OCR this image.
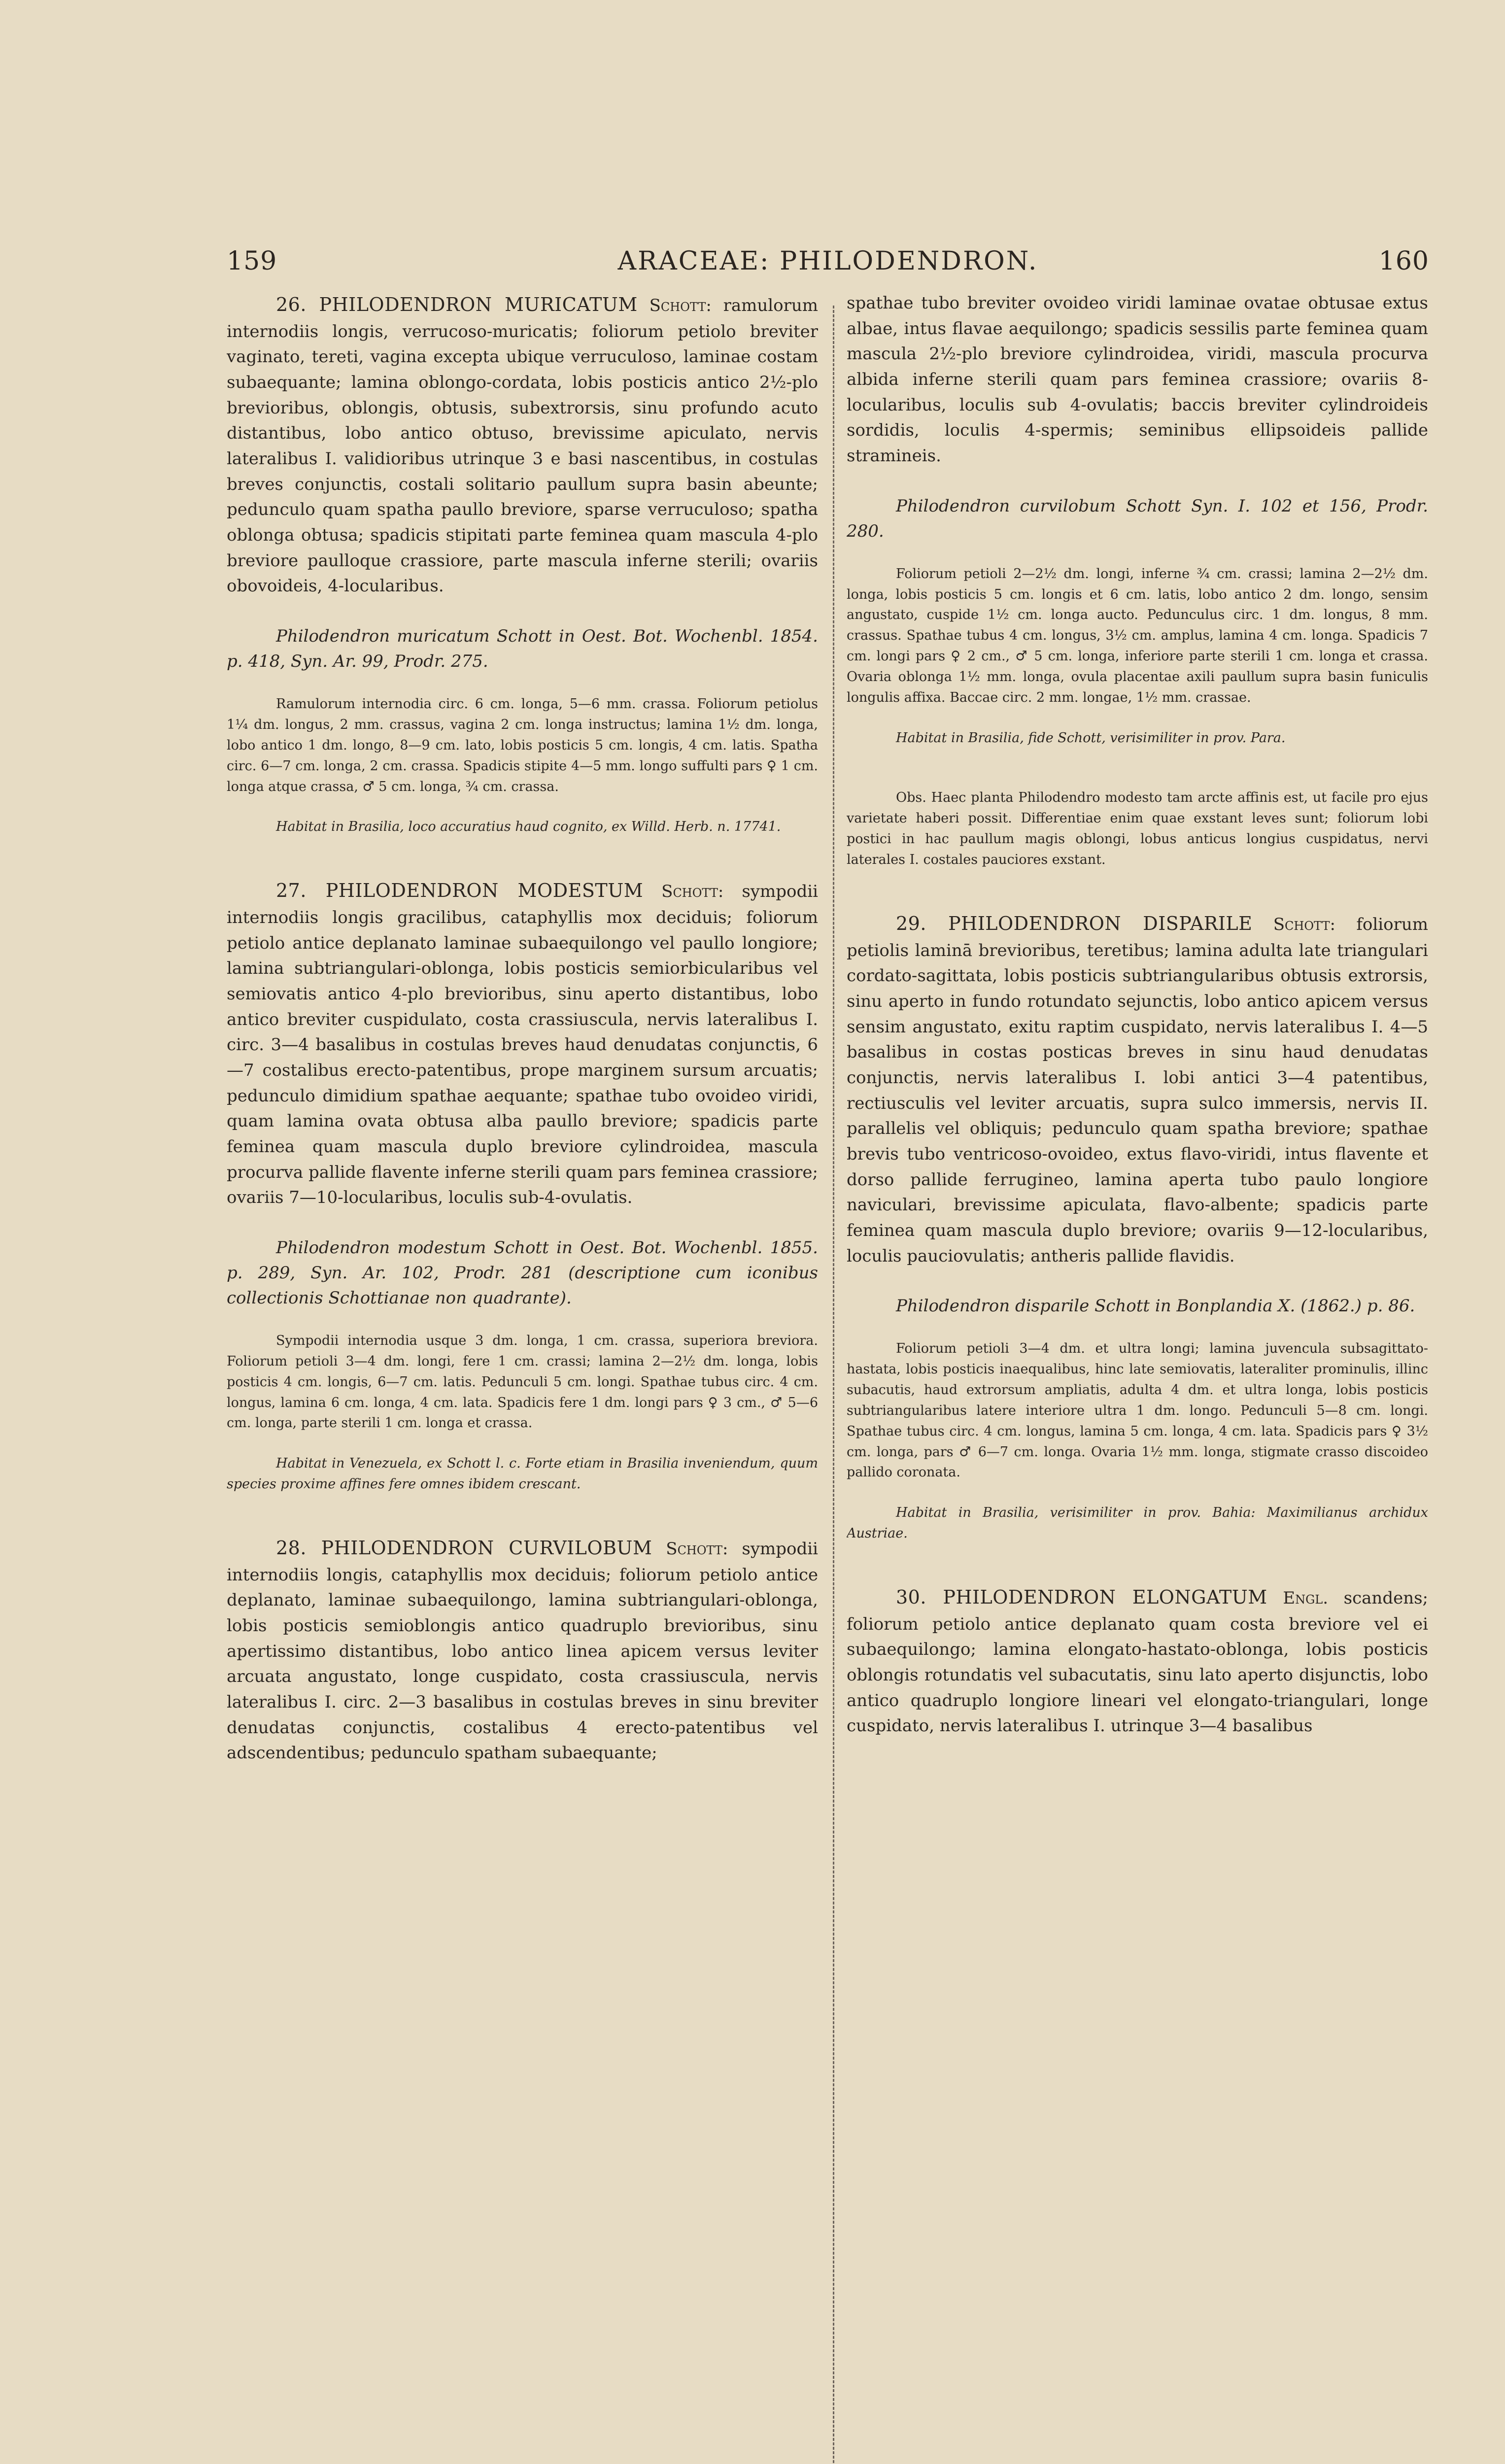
159	ARACEAE: PHILODENDRON.	160

26. PHILODENDRON MURICATUM Schott: ramulorum internodiis longis, verrucoso-muricatis; foliorum petiolo breviter vaginato, tereti, vagina excepta ubique verruculoso, laminae costam subaequante; lamina oblongo-cordata, lobis posticis antico 2½-plo brevioribus, oblongis, obtusis, subextrorsis, sinu profundo acuto distantibus, lobo antico obtuso, brevissime apiculato, nervis lateralibus I. validioribus utrinque 3 e basi nascentibus, in costulas breves conjunctis, costali solitario paullum supra basin abeunte; pedunculo quam spatha paullo breviore, sparse verruculoso; spatha oblonga obtusa; spadicis stipitati parte feminea quam mascula 4-plo breviore paulloque crassiore, parte mascula inferne sterili; ovariis obovoideis, 4-locularibus.

Philodendron muricatum Schott in Oest. Bot. Wochenbl. 1854. p. 418, Syn. Ar. 99, Prodr. 275.

Ramulorum internodia circ. 6 cm. longa, 5—6 mm. crassa. Foliorum petiolus 1¼ dm. longus, 2 mm. crassus, vagina 2 cm. longa instructus; lamina 1½ dm. longa, lobo antico 1 dm. longo, 8—9 cm. lato, lobis posticis 5 cm. longis, 4 cm. latis. Spatha circ. 6—7 cm. longa, 2 cm. crassa. Spadicis stipite 4—5 mm. longo suffulti pars ♀ 1 cm. longa atque crassa, ♂ 5 cm. longa, ¾ cm. crassa.

Habitat in Brasilia, loco accuratius haud cognito, ex Willd. Herb. n. 17741.

27. PHILODENDRON MODESTUM Schott: sympodii internodiis longis gracilibus, cataphyllis mox deciduis; foliorum petiolo antice deplanato laminae subaequilongo vel paullo longiore; lamina subtriangulari-oblonga, lobis posticis semiorbicularibus vel semiovatis antico 4-plo brevioribus, sinu aperto distantibus, lobo antico breviter cuspidulato, costa crassiuscula, nervis lateralibus I. circ. 3—4 basalibus in costulas breves haud denudatas conjunctis, 6—7 costalibus erecto-patentibus, prope marginem sursum arcuatis; pedunculo dimidium spathae aequante; spathae tubo ovoideo viridi, quam lamina ovata obtusa alba paullo breviore; spadicis parte feminea quam mascula duplo breviore cylindroidea, mascula procurva pallide flavente inferne sterili quam pars feminea crassiore; ovariis 7—10-locularibus, loculis sub-4-ovulatis.

Philodendron modestum Schott in Oest. Bot. Wochenbl. 1855. p. 289, Syn. Ar. 102, Prodr. 281 (descriptione cum iconibus collectionis Schottianae non quadrante).

Sympodii internodia usque 3 dm. longa, 1 cm. crassa, superiora breviora. Foliorum petioli 3—4 dm. longi, fere 1 cm. crassi; lamina 2—2½ dm. longa, lobis posticis 4 cm. longis, 6—7 cm. latis. Pedunculi 5 cm. longi. Spathae tubus circ. 4 cm. longus, lamina 6 cm. longa, 4 cm. lata. Spadicis fere 1 dm. longi pars ♀ 3 cm., ♂ 5—6 cm. longa, parte sterili 1 cm. longa et crassa.

Habitat in Venezuela, ex Schott l. c. Forte etiam in Brasilia inveniendum, quum species proxime affines fere omnes ibidem crescant.

28. PHILODENDRON CURVILOBUM Schott: sympodii internodiis longis, cataphyllis mox deciduis; foliorum petiolo antice deplanato, laminae subaequilongo, lamina subtriangulari-oblonga, lobis posticis semioblongis antico quadruplo brevioribus, sinu apertissimo distantibus, lobo antico linea apicem versus leviter arcuata angustato, longe cuspidato, costa crassiuscula, nervis lateralibus I. circ. 2—3 basalibus in costulas breves in sinu breviter denudatas conjunctis, costalibus 4 erecto-patentibus vel adscendentibus; pedunculo spatham subaequante;

spathae tubo breviter ovoideo viridi laminae ovatae obtusae extus albae, intus flavae aequilongo; spadicis sessilis parte feminea quam mascula 2½-plo breviore cylindroidea, viridi, mascula procurva albida inferne sterili quam pars feminea crassiore; ovariis 8-locularibus, loculis sub 4-ovulatis; baccis breviter cylindroideis sordidis, loculis 4-spermis; seminibus ellipsoideis pallide stramineis.

Philodendron curvilobum Schott Syn. I. 102 et 156, Prodr. 280.

Foliorum petioli 2—2½ dm. longi, inferne ¾ cm. crassi; lamina 2—2½ dm. longa, lobis posticis 5 cm. longis et 6 cm. latis, lobo antico 2 dm. longo, sensim angustato, cuspide 1½ cm. longa aucto. Pedunculus circ. 1 dm. longus, 8 mm. crassus. Spathae tubus 4 cm. longus, 3½ cm. amplus, lamina 4 cm. longa. Spadicis 7 cm. longi pars ♀ 2 cm., ♂ 5 cm. longa, inferiore parte sterili 1 cm. longa et crassa. Ovaria oblonga 1½ mm. longa, ovula placentae axili paullum supra basin funiculis longulis affixa. Baccae circ. 2 mm. longae, 1½ mm. crassae.

Habitat in Brasilia, fide Schott, verisimiliter in prov. Para.

Obs. Haec planta Philodendro modesto tam arcte affinis est, ut facile pro ejus varietate haberi possit. Differentiae enim quae exstant leves sunt; foliorum lobi postici in hac paullum magis oblongi, lobus anticus longius cuspidatus, nervi laterales I. costales pauciores exstant.

29. PHILODENDRON DISPARILE Schott: foliorum petiolis laminā brevioribus, teretibus; lamina adulta late triangulari cordato-sagittata, lobis posticis subtriangularibus obtusis extrorsis, sinu aperto in fundo rotundato sejunctis, lobo antico apicem versus sensim angustato, exitu raptim cuspidato, nervis lateralibus I. 4—5 basalibus in costas posticas breves in sinu haud denudatas conjunctis, nervis lateralibus I. lobi antici 3—4 patentibus, rectiusculis vel leviter arcuatis, supra sulco immersis, nervis II. parallelis vel obliquis; pedunculo quam spatha breviore; spathae brevis tubo ventricoso-ovoideo, extus flavo-viridi, intus flavente et dorso pallide ferrugineo, lamina aperta tubo paulo longiore naviculari, brevissime apiculata, flavo-albente; spadicis parte feminea quam mascula duplo breviore; ovariis 9—12-locularibus, loculis pauciovulatis; antheris pallide flavidis.

Philodendron disparile Schott in Bonplandia X. (1862.) p. 86.

Foliorum petioli 3—4 dm. et ultra longi; lamina juvencula subsagittato-hastata, lobis posticis inaequalibus, hinc late semiovatis, lateraliter prominulis, illinc subacutis, haud extrorsum ampliatis, adulta 4 dm. et ultra longa, lobis posticis subtriangularibus latere interiore ultra 1 dm. longo. Pedunculi 5—8 cm. longi. Spathae tubus circ. 4 cm. longus, lamina 5 cm. longa, 4 cm. lata. Spadicis pars ♀ 3½ cm. longa, pars ♂ 6—7 cm. longa. Ovaria 1½ mm. longa, stigmate crasso discoideo pallido coronata.

Habitat in Brasilia, verisimiliter in prov. Bahia: Maximilianus archidux Austriae.

30. PHILODENDRON ELONGATUM Engl. scandens; foliorum petiolo antice deplanato quam costa breviore vel ei subaequilongo; lamina elongato-hastato-oblonga, lobis posticis oblongis rotundatis vel subacutatis, sinu lato aperto disjunctis, lobo antico quadruplo longiore lineari vel elongato-triangulari, longe cuspidato, nervis lateralibus I. utrinque 3—4 basalibus
